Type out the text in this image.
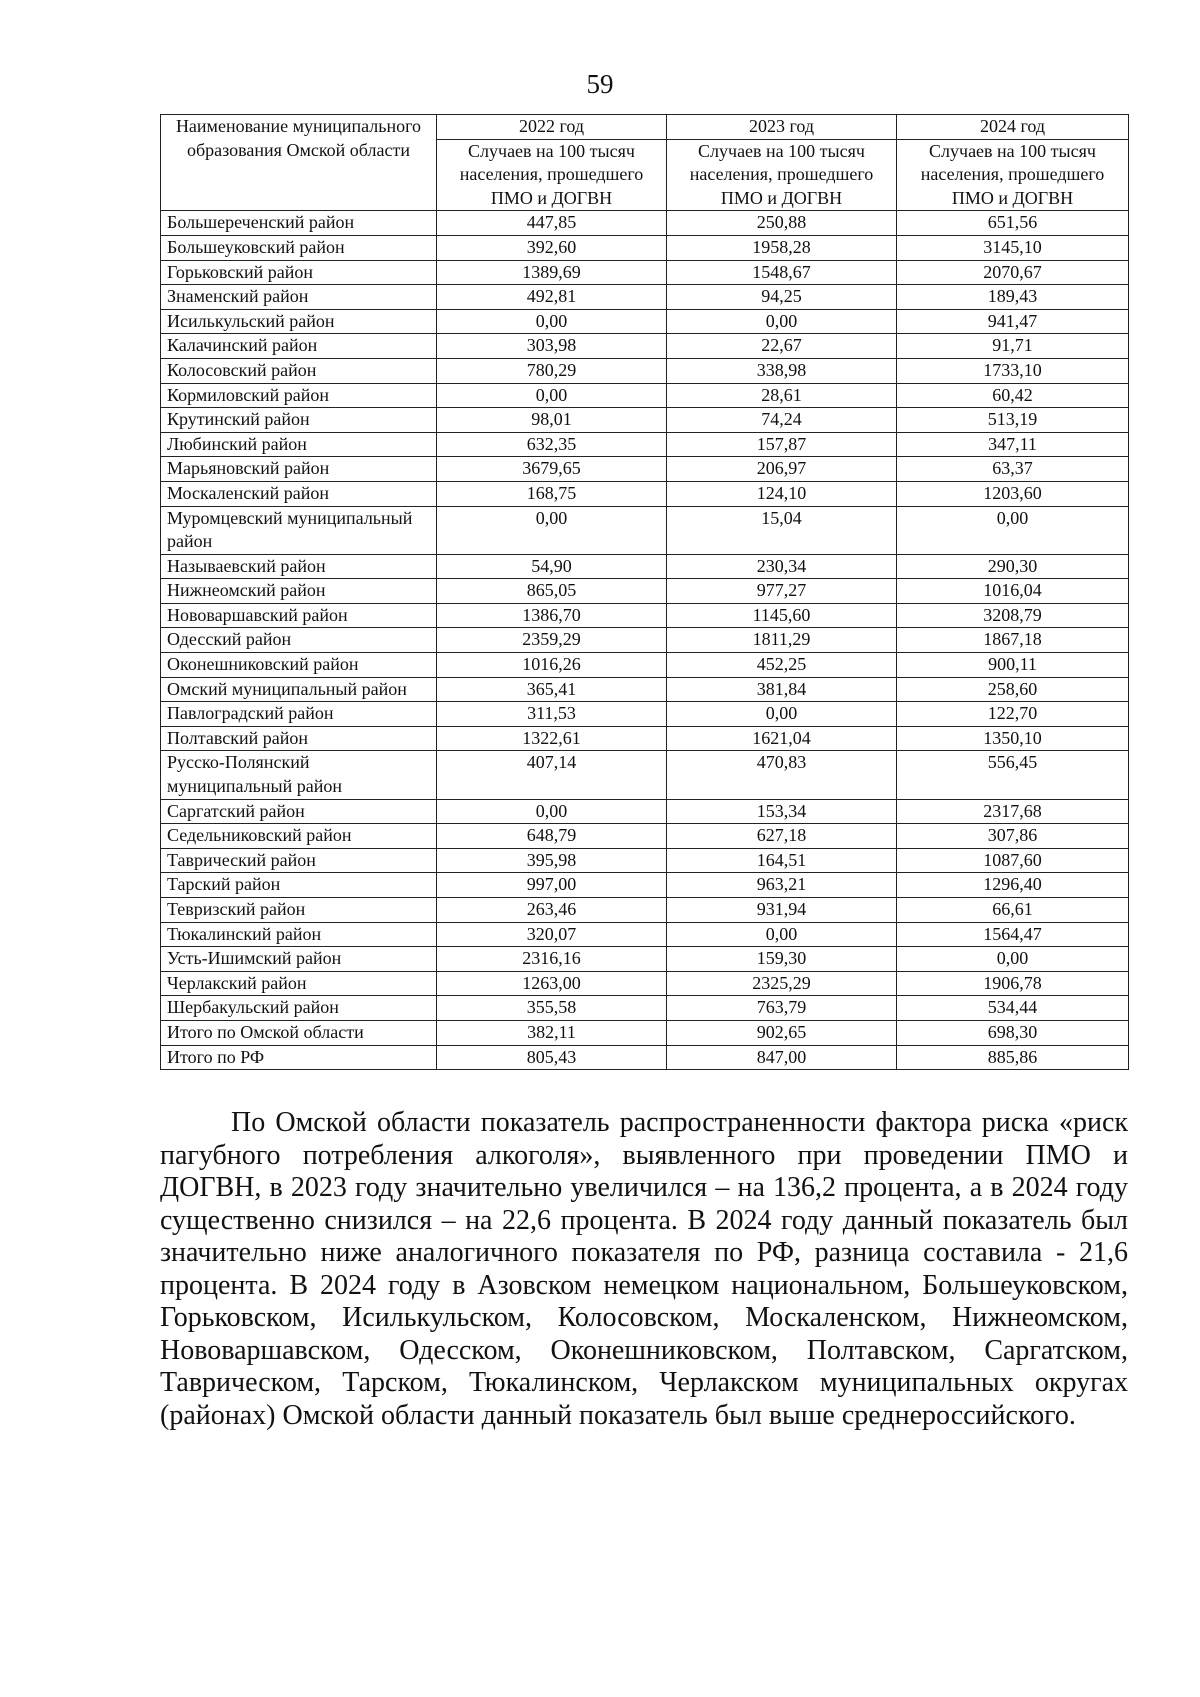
59
Наименование муниципального образования Омской области	2022 год	2023 год	2024 год
	Случаев на 100 тысяч населения, прошедшего ПМО и ДОГВН	Случаев на 100 тысяч населения, прошедшего ПМО и ДОГВН	Случаев на 100 тысяч населения, прошедшего ПМО и ДОГВН
Большереченский район	447,85	250,88	651,56
Большеуковский район	392,60	1958,28	3145,10
Горьковский район	1389,69	1548,67	2070,67
Знаменский район	492,81	94,25	189,43
Исилькульский район	0,00	0,00	941,47
Калачинский район	303,98	22,67	91,71
Колосовский район	780,29	338,98	1733,10
Кормиловский район	0,00	28,61	60,42
Крутинский район	98,01	74,24	513,19
Любинский район	632,35	157,87	347,11
Марьяновский район	3679,65	206,97	63,37
Москаленский район	168,75	124,10	1203,60
Муромцевский муниципальный район	0,00	15,04	0,00
Называевский район	54,90	230,34	290,30
Нижнеомский район	865,05	977,27	1016,04
Нововаршавский район	1386,70	1145,60	3208,79
Одесский район	2359,29	1811,29	1867,18
Оконешниковский район	1016,26	452,25	900,11
Омский муниципальный район	365,41	381,84	258,60
Павлоградский район	311,53	0,00	122,70
Полтавский район	1322,61	1621,04	1350,10
Русско-Полянский муниципальный район	407,14	470,83	556,45
Саргатский район	0,00	153,34	2317,68
Седельниковский район	648,79	627,18	307,86
Таврический район	395,98	164,51	1087,60
Тарский район	997,00	963,21	1296,40
Тевризский район	263,46	931,94	66,61
Тюкалинский район	320,07	0,00	1564,47
Усть-Ишимский район	2316,16	159,30	0,00
Черлакский район	1263,00	2325,29	1906,78
Шербакульский район	355,58	763,79	534,44
Итого по Омской области	382,11	902,65	698,30
Итого по РФ	805,43	847,00	885,86

По Омской области показатель распространенности фактора риска «риск пагубного потребления алкоголя», выявленного при проведении ПМО и ДОГВН, в 2023 году значительно увеличился – на 136,2 процента, а в 2024 году существенно снизился – на 22,6 процента. В 2024 году данный показатель был значительно ниже аналогичного показателя по РФ, разница составила - 21,6 процента. В 2024 году в Азовском немецком национальном, Большеуковском, Горьковском, Исилькульском, Колосовском, Москаленском, Нижнеомском, Нововаршавском, Одесском, Оконешниковском, Полтавском, Саргатском, Таврическом, Тарском, Тюкалинском, Черлакском муниципальных округах (районах) Омской области данный показатель был выше среднероссийского.
